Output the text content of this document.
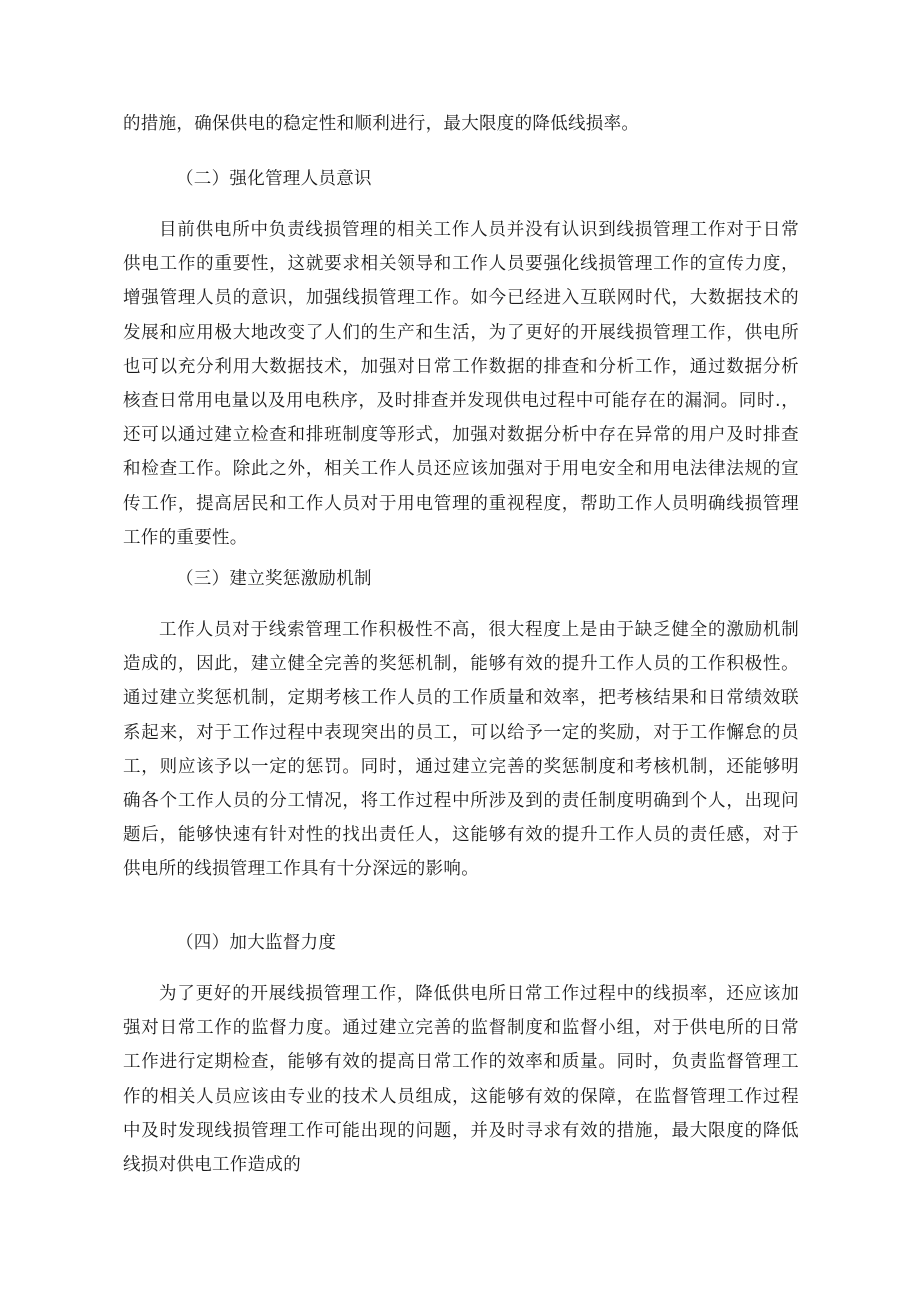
的措施，确保供电的稳定性和顺利进行，最大限度的降低线损率。

（二）强化管理人员意识

目前供电所中负责线损管理的相关工作人员并没有认识到线损管理工作对于日常供电工作的重要性，这就要求相关领导和工作人员要强化线损管理工作的宣传力度，增强管理人员的意识，加强线损管理工作。如今已经进入互联网时代，大数据技术的发展和应用极大地改变了人们的生产和生活，为了更好的开展线损管理工作，供电所也可以充分利用大数据技术，加强对日常工作数据的排查和分析工作，通过数据分析核查日常用电量以及用电秩序，及时排查并发现供电过程中可能存在的漏洞。同时.，还可以通过建立检查和排班制度等形式，加强对数据分析中存在异常的用户及时排查和检查工作。除此之外，相关工作人员还应该加强对于用电安全和用电法律法规的宣传工作，提高居民和工作人员对于用电管理的重视程度，帮助工作人员明确线损管理工作的重要性。

（三）建立奖惩激励机制

工作人员对于线索管理工作积极性不高，很大程度上是由于缺乏健全的激励机制造成的，因此，建立健全完善的奖惩机制，能够有效的提升工作人员的工作积极性。通过建立奖惩机制，定期考核工作人员的工作质量和效率，把考核结果和日常绩效联系起来，对于工作过程中表现突出的员工，可以给予一定的奖励，对于工作懈怠的员工，则应该予以一定的惩罚。同时，通过建立完善的奖惩制度和考核机制，还能够明确各个工作人员的分工情况，将工作过程中所涉及到的责任制度明确到个人，出现问题后，能够快速有针对性的找出责任人，这能够有效的提升工作人员的责任感，对于供电所的线损管理工作具有十分深远的影响。

（四）加大监督力度

为了更好的开展线损管理工作，降低供电所日常工作过程中的线损率，还应该加强对日常工作的监督力度。通过建立完善的监督制度和监督小组，对于供电所的日常工作进行定期检查，能够有效的提高日常工作的效率和质量。同时，负责监督管理工作的相关人员应该由专业的技术人员组成，这能够有效的保障，在监督管理工作过程中及时发现线损管理工作可能出现的问题，并及时寻求有效的措施，最大限度的降低线损对供电工作造成的
